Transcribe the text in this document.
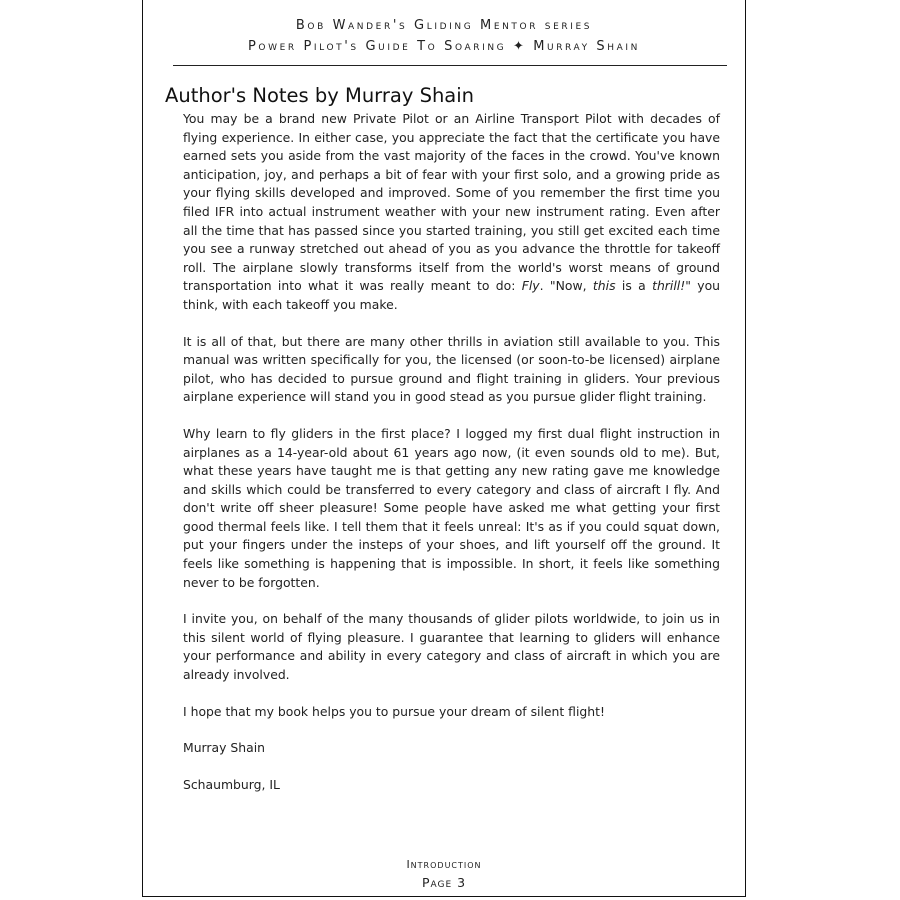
Bob Wander's Gliding Mentor series
Power Pilot's Guide To Soaring ✦ Murray Shain
Author's Notes by Murray Shain

You may be a brand new Private Pilot or an Airline Transport Pilot with decades of flying experience. In either case, you appreciate the fact that the certificate you have earned sets you aside from the vast majority of the faces in the crowd. You've known anticipation, joy, and perhaps a bit of fear with your first solo, and a growing pride as your flying skills developed and improved. Some of you remember the first time you filed IFR into actual instrument weather with your new instrument rating. Even after all the time that has passed since you started training, you still get excited each time you see a runway stretched out ahead of you as you advance the throttle for takeoff roll. The airplane slowly transforms itself from the world's worst means of ground transportation into what it was really meant to do: Fly. "Now, this is a thrill!" you think, with each takeoff you make.

It is all of that, but there are many other thrills in aviation still available to you. This manual was written specifically for you, the licensed (or soon-to-be licensed) airplane pilot, who has decided to pursue ground and flight training in gliders. Your previous airplane experience will stand you in good stead as you pursue glider flight training.

Why learn to fly gliders in the first place? I logged my first dual flight instruction in airplanes as a 14-year-old about 61 years ago now, (it even sounds old to me). But, what these years have taught me is that getting any new rating gave me knowledge and skills which could be transferred to every category and class of aircraft I fly. And don't write off sheer pleasure! Some people have asked me what getting your first good thermal feels like. I tell them that it feels unreal: It's as if you could squat down, put your fingers under the insteps of your shoes, and lift yourself off the ground. It feels like something is happening that is impossible. In short, it feels like something never to be forgotten.

I invite you, on behalf of the many thousands of glider pilots worldwide, to join us in this silent world of flying pleasure. I guarantee that learning to gliders will enhance your performance and ability in every category and class of aircraft in which you are already involved.

I hope that my book helps you to pursue your dream of silent flight!

Murray Shain

Schaumburg, IL

Introduction
Page 3
